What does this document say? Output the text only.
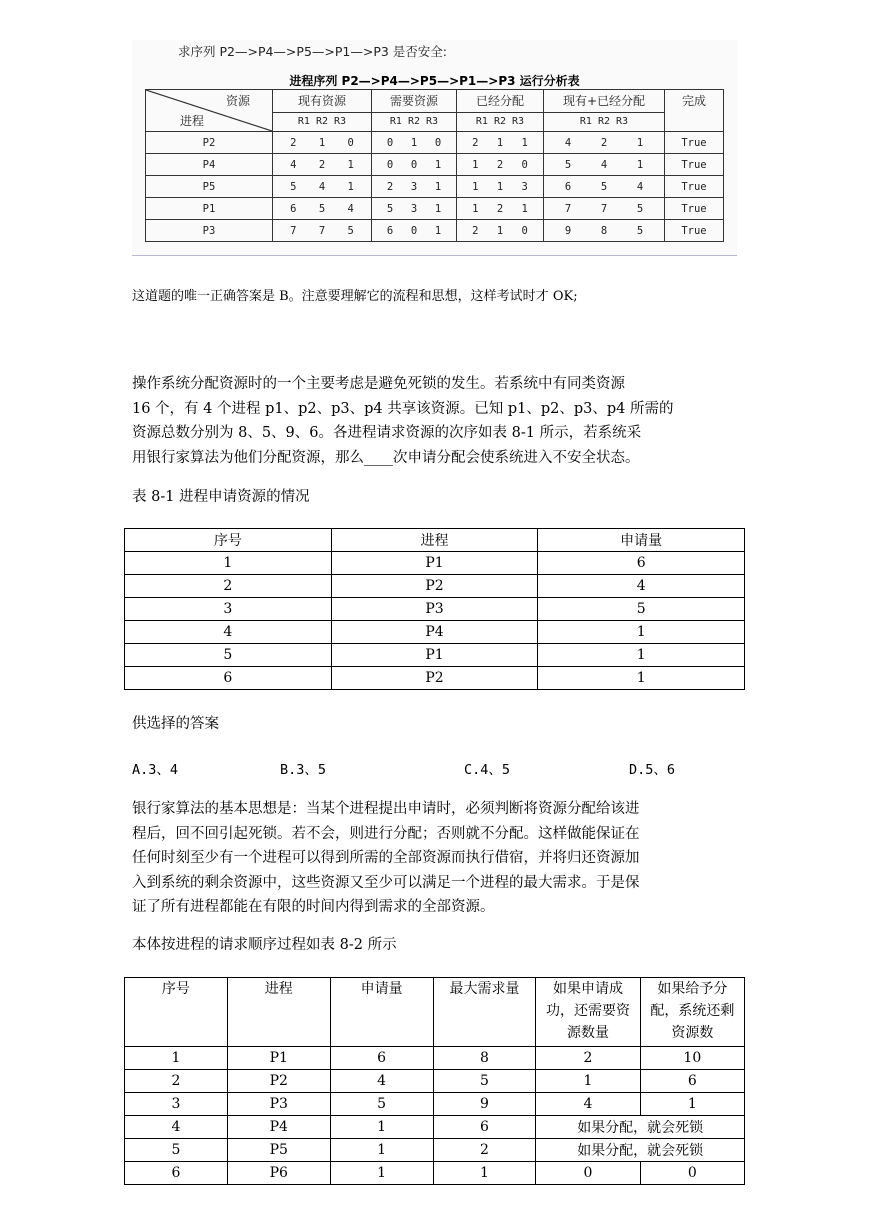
求序列 P2—>P4—>P5—>P1—>P3 是否安全:
进程序列 P2—>P4—>P5—>P1—>P3 运行分析表
资源
进程	现有资源	需要资源	已经分配	现有+已经分配	完成
	R1 R2 R3	R1 R2 R3	R1 R2 R3	R1 R2 R3	
P2	2 1 0	0 1 0	2 1 1	4 2 1	True
P4	4 2 1	0 0 1	1 2 0	5 4 1	True
P5	5 4 1	2 3 1	1 1 3	6 5 4	True
P1	6 5 4	5 3 1	1 2 1	7 7 5	True
P3	7 7 5	6 0 1	2 1 0	9 8 5	True
这道题的唯一正确答案是 B。注意要理解它的流程和思想，这样考试时才 OK;
操作系统分配资源时的一个主要考虑是避免死锁的发生。若系统中有同类资源
16 个，有 4 个进程 p1、p2、p3、p4 共享该资源。已知 p1、p2、p3、p4 所需的
资源总数分别为 8、5、9、6。各进程请求资源的次序如表 8-1 所示，若系统采
用银行家算法为他们分配资源，那么____次申请分配会使系统进入不安全状态。
表 8-1 进程申请资源的情况
序号	进程	申请量
1	P1	6
2	P2	4
3	P3	5
4	P4	1
5	P1	1
6	P2	1
供选择的答案
A.3、4	B.3、5	C.4、5	D.5、6
银行家算法的基本思想是：当某个进程提出申请时，必须判断将资源分配给该进
程后，回不回引起死锁。若不会，则进行分配；否则就不分配。这样做能保证在
任何时刻至少有一个进程可以得到所需的全部资源而执行借宿，并将归还资源加
入到系统的剩余资源中，这些资源又至少可以满足一个进程的最大需求。于是保
证了所有进程都能在有限的时间内得到需求的全部资源。
本体按进程的请求顺序过程如表 8-2 所示
序号	进程	申请量	最大需求量	如果申请成功，还需要资源数量	如果给予分配，系统还剩资源数
1	P1	6	8	2	10
2	P2	4	5	1	6
3	P3	5	9	4	1
4	P4	1	6	如果分配，就会死锁	
5	P5	1	2	如果分配，就会死锁	
6	P6	1	1	0	0
